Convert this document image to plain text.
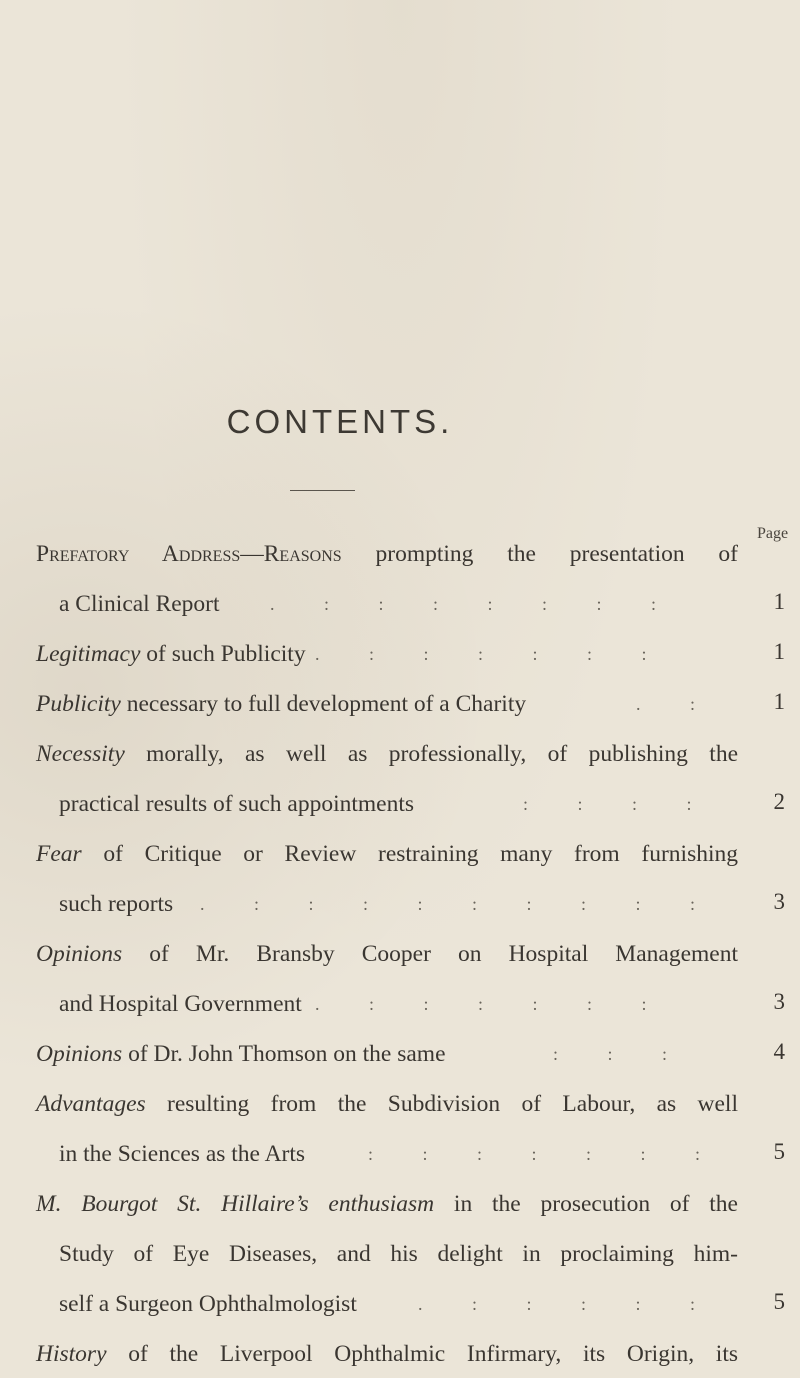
CONTENTS.
Page
Prefatory Address—Reasons prompting the presentation of
a Clinical Report	.           :           :           :           :           :           :           :	1
Legitimacy of such Publicity .           :           :           :           :           :           :	1
Publicity necessary to full development of a Charity	.           :	1
Necessity morally, as well as professionally, of publishing the
practical results of such appointments	:           :           :           :	2
Fear of Critique or Review restraining many from furnishing
such reports .           :           :           :           :           :           :           :           :           :	3
Opinions of Mr. Bransby Cooper on Hospital Management
and Hospital Government .           :           :           :           :           :           :	3
Opinions of Dr. John Thomson on the same
.                             :           :           :	4
Advantages resulting from the Subdivision of Labour, as well
in the Sciences as the Arts	:           :           :           :           :           :           :	5
M. Bourgot St. Hillaire’s enthusiasm in the prosecution of the
Study of Eye Diseases, and his delight in proclaiming him-
self a Surgeon Ophthalmologist	.           :           :           :           :           :	5
History of the Liverpool Ophthalmic Infirmary, its Origin, its
